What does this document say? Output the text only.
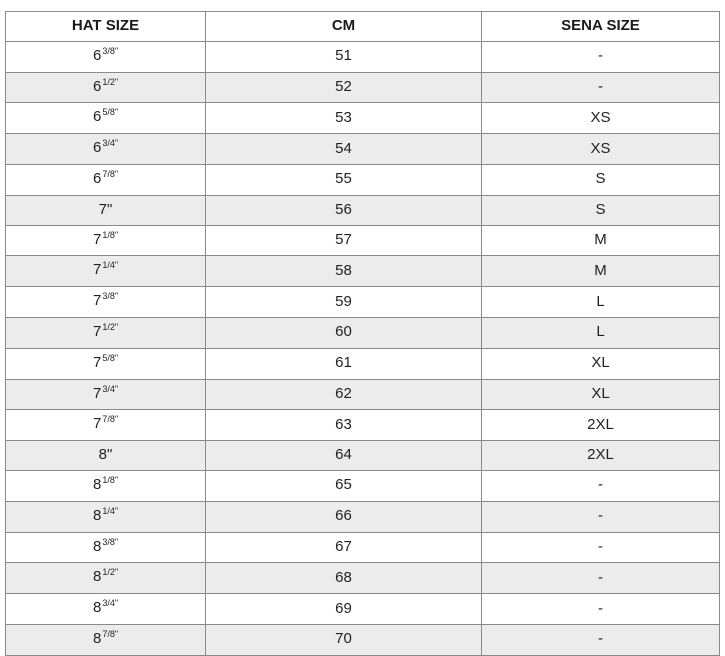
HAT SIZE	CM	SENA SIZE
$6^{3/8"}$	51	-
$6^{1/2"}$	52	-
$6^{5/8"}$	53	XS
$6^{3/4"}$	54	XS
$6^{7/8"}$	55	S
7"	56	S
$7^{1/8"}$	57	M
$7^{1/4"}$	58	M
$7^{3/8"}$	59	L
$7^{1/2"}$	60	L
$7^{5/8"}$	61	XL
$7^{3/4"}$	62	XL
$7^{7/8"}$	63	2XL
8"	64	2XL
$8^{1/8"}$	65	-
$8^{1/4"}$	66	-
$8^{3/8"}$	67	-
$8^{1/2"}$	68	-
$8^{3/4"}$	69	-
$8^{7/8"}$	70	-
